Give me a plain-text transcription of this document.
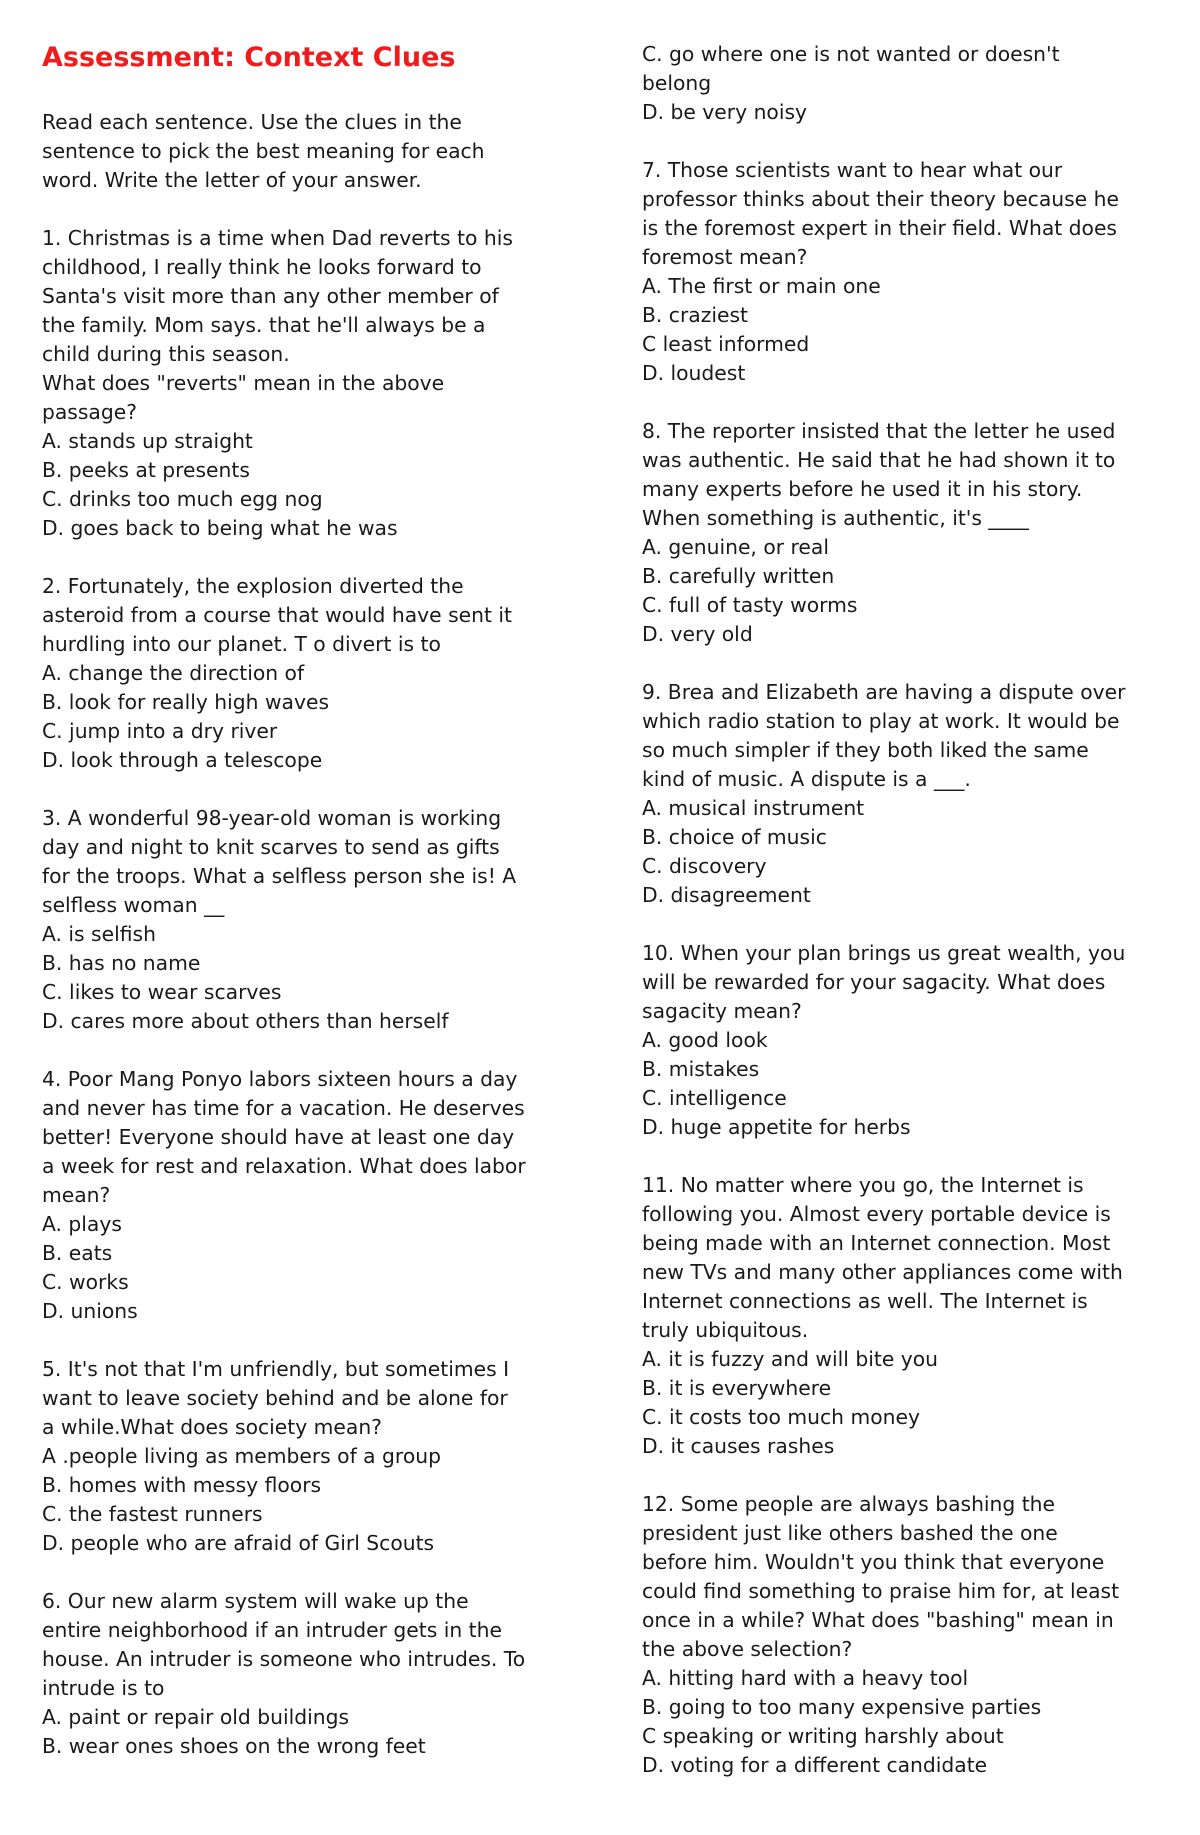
Assessment: Context Clues

Read each sentence. Use the clues in the

sentence to pick the best meaning for each

word. Write the letter of your answer.

1. Christmas is a time when Dad reverts to his

childhood, I really think he looks forward to

Santa's visit more than any other member of

the family. Mom says. that he'll always be a

child during this season.

What does "reverts" mean in the above

passage?

A. stands up straight

B. peeks at presents

C. drinks too much egg nog

D. goes back to being what he was

2. Fortunately, the explosion diverted the

asteroid from a course that would have sent it

hurdling into our planet. T o divert is to

A. change the direction of

B. look for really high waves

C. jump into a dry river

D. look through a telescope

3. A wonderful 98-year-old woman is working

day and night to knit scarves to send as gifts

for the troops. What a selfless person she is! A

selfless woman __

A. is selfish

B. has no name

C. likes to wear scarves

D. cares more about others than herself

4. Poor Mang Ponyo labors sixteen hours a day

and never has time for a vacation. He deserves

better! Everyone should have at least one day

a week for rest and relaxation. What does labor

mean?

A. plays

B. eats

C. works

D. unions

5. It's not that I'm unfriendly, but sometimes I

want to leave society behind and be alone for

a while.What does society mean?

A .people living as members of a group

B. homes with messy floors

C. the fastest runners

D. people who are afraid of Girl Scouts

6. Our new alarm system will wake up the

entire neighborhood if an intruder gets in the

house. An intruder is someone who intrudes. To

intrude is to

A. paint or repair old buildings

B. wear ones shoes on the wrong feet

C. go where one is not wanted or doesn't

belong

D. be very noisy

7. Those scientists want to hear what our

professor thinks about their theory because he

is the foremost expert in their field. What does

foremost mean?

A. The first or main one

B. craziest

C least informed

D. loudest

8. The reporter insisted that the letter he used

was authentic. He said that he had shown it to

many experts before he used it in his story.

When something is authentic, it's ____

A. genuine, or real

B. carefully written

C. full of tasty worms

D. very old

9. Brea and Elizabeth are having a dispute over

which radio station to play at work. It would be

so much simpler if they both liked the same

kind of music. A dispute is a ___.

A. musical instrument

B. choice of music

C. discovery

D. disagreement

10. When your plan brings us great wealth, you

will be rewarded for your sagacity. What does

sagacity mean?

A. good look

B. mistakes

C. intelligence

D. huge appetite for herbs

11. No matter where you go, the Internet is

following you. Almost every portable device is

being made with an Internet connection. Most

new TVs and many other appliances come with

Internet connections as well. The Internet is

truly ubiquitous.

A. it is fuzzy and will bite you

B. it is everywhere

C. it costs too much money

D. it causes rashes

12. Some people are always bashing the

president just like others bashed the one

before him. Wouldn't you think that everyone

could find something to praise him for, at least

once in a while? What does "bashing" mean in

the above selection?

A. hitting hard with a heavy tool

B. going to too many expensive parties

C speaking or writing harshly about

D. voting for a different candidate
